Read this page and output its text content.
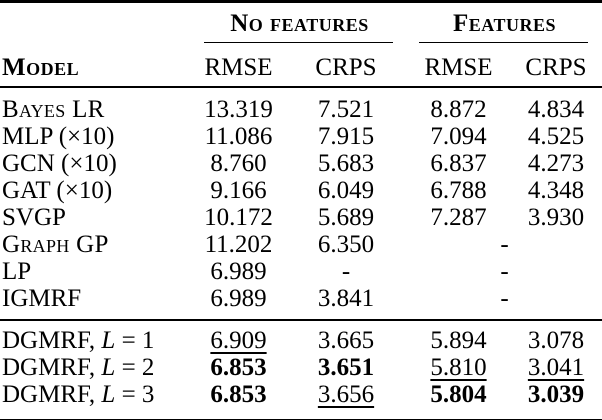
	No features		Features	

Model	RMSE	CRPS	RMSE	CRPS
Bayes LR	13.319	7.521	8.872	4.834
MLP (×10)	11.086	7.915	7.094	4.525
GCN (×10)	8.760	5.683	6.837	4.273
GAT (×10)	9.166	6.049	6.788	4.348
SVGP	10.172	5.689	7.287	3.930
Graph GP	11.202	6.350	-	
LP	6.989	-	-	
IGMRF	6.989	3.841	-	
DGMRF, L = 1	6.909	3.665	5.894	3.078
DGMRF, L = 2	6.853	3.651	5.810	3.041
DGMRF, L = 3	6.853	3.656	5.804	3.039
